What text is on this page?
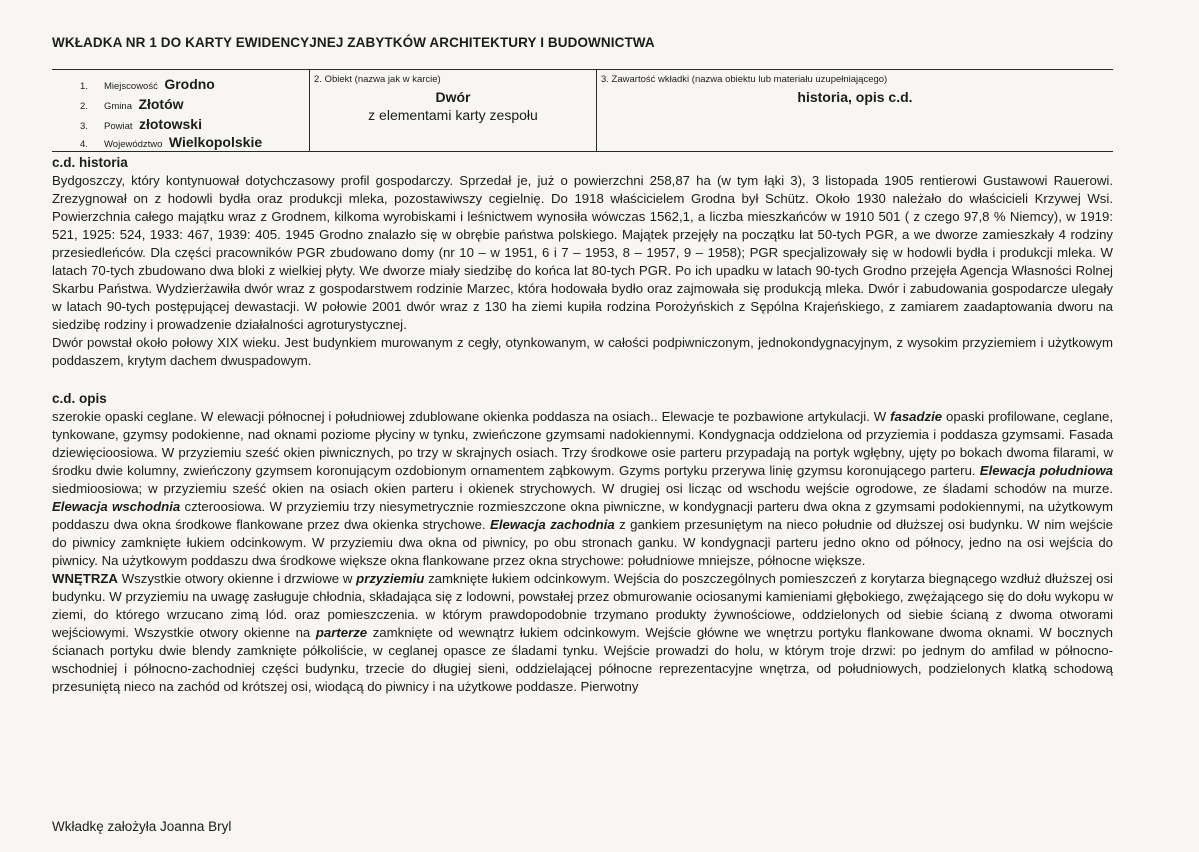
WKŁADKA NR 1 DO KARTY EWIDENCYJNEJ ZABYTKÓW ARCHITEKTURY I BUDOWNICTWA
1. Miejscowość Grodno
2. Gmina Złotów
3. Powiat złotowski
4. Województwo Wielkopolskie
2. Obiekt (nazwa jak w karcie)
Dwór
z elementami karty zespołu
3. Zawartość wkładki (nazwa obiektu lub materiału uzupełniającego)
historia, opis c.d.
c.d. historia

Bydgoszczy, który kontynuował dotychczasowy profil gospodarczy. Sprzedał je, już o powierzchni 258,87 ha (w tym łąki 3), 3 listopada 1905 rentierowi Gustawowi Rauerowi. Zrezygnował on z hodowli bydła oraz produkcji mleka, pozostawiwszy cegielnię. Do 1918 właścicielem Grodna był Schütz. Około 1930 należało do właścicieli Krzywej Wsi. Powierzchnia całego majątku wraz z Grodnem, kilkoma wyrobiskami i leśnictwem wynosiła wówczas 1562,1, a liczba mieszkańców w 1910 501 ( z czego 97,8 % Niemcy), w 1919: 521, 1925: 524, 1933: 467, 1939: 405. 1945 Grodno znalazło się w obrębie państwa polskiego. Majątek przejęły na początku lat 50-tych PGR, a we dworze zamieszkały 4 rodziny przesiedleńców. Dla części pracowników PGR zbudowano domy (nr 10 – w 1951, 6 i 7 – 1953, 8 – 1957, 9 – 1958); PGR specjalizowały się w hodowli bydła i produkcji mleka. W latach 70-tych zbudowano dwa bloki z wielkiej płyty. We dworze miały siedzibę do końca lat 80-tych PGR. Po ich upadku w latach 90-tych Grodno przejęła Agencja Własności Rolnej Skarbu Państwa. Wydzierżawiła dwór wraz z gospodarstwem rodzinie Marzec, która hodowała bydło oraz zajmowała się produkcją mleka. Dwór i zabudowania gospodarcze ulegały w latach 90-tych postępującej dewastacji. W połowie 2001 dwór wraz z 130 ha ziemi kupiła rodzina Porożyńskich z Sępólna Krajeńskiego, z zamiarem zaadaptowania dworu na siedzibę rodziny i prowadzenie działalności agroturystycznej.

Dwór powstał około połowy XIX wieku. Jest budynkiem murowanym z cegły, otynkowanym, w całości podpiwniczonym, jednokondygnacyjnym, z wysokim przyziemiem i użytkowym poddaszem, krytym dachem dwuspadowym.

c.d. opis

szerokie opaski ceglane. W elewacji północnej i południowej zdublowane okienka poddasza na osiach.. Elewacje te pozbawione artykulacji. W fasadzie opaski profilowane, ceglane, tynkowane, gzymsy podokienne, nad oknami poziome płyciny w tynku, zwieńczone gzymsami nadokiennymi. Kondygnacja oddzielona od przyziemia i poddasza gzymsami. Fasada dziewięcioosiowa. W przyziemiu sześć okien piwnicznych, po trzy w skrajnych osiach. Trzy środkowe osie parteru przypadają na portyk wgłębny, ujęty po bokach dwoma filarami, w środku dwie kolumny, zwieńczony gzymsem koronującym ozdobionym ornamentem ząbkowym. Gzyms portyku przerywa linię gzymsu koronującego parteru. Elewacja południowa siedmioosiowa; w przyziemiu sześć okien na osiach okien parteru i okienek strychowych. W drugiej osi licząc od wschodu wejście ogrodowe, ze śladami schodów na murze. Elewacja wschodnia czteroosiowa. W przyziemiu trzy niesymetrycznie rozmieszczone okna piwniczne, w kondygnacji parteru dwa okna z gzymsami podokiennymi, na użytkowym poddaszu dwa okna środkowe flankowane przez dwa okienka strychowe. Elewacja zachodnia z gankiem przesuniętym na nieco południe od dłuższej osi budynku. W nim wejście do piwnicy zamknięte łukiem odcinkowym. W przyziemiu dwa okna od piwnicy, po obu stronach ganku. W kondygnacji parteru jedno okno od północy, jedno na osi wejścia do piwnicy. Na użytkowym poddaszu dwa środkowe większe okna flankowane przez okna strychowe: południowe mniejsze, północne większe.

WNĘTRZA Wszystkie otwory okienne i drzwiowe w przyziemiu zamknięte łukiem odcinkowym. Wejścia do poszczególnych pomieszczeń z korytarza biegnącego wzdłuż dłuższej osi budynku. W przyziemiu na uwagę zasługuje chłodnia, składająca się z lodowni, powstałej przez obmurowanie ociosanymi kamieniami głębokiego, zwężającego się do dołu wykopu w ziemi, do którego wrzucano zimą lód. oraz pomieszczenia. w którym prawdopodobnie trzymano produkty żywnościowe, oddzielonych od siebie ścianą z dwoma otworami wejściowymi. Wszystkie otwory okienne na parterze zamknięte od wewnątrz łukiem odcinkowym. Wejście główne we wnętrzu portyku flankowane dwoma oknami. W bocznych ścianach portyku dwie blendy zamknięte półkoliście, w ceglanej opasce ze śladami tynku. Wejście prowadzi do holu, w którym troje drzwi: po jednym do amfilad w północno-wschodniej i północno-zachodniej części budynku, trzecie do długiej sieni, oddzielającej północne reprezentacyjne wnętrza, od południowych, podzielonych klatką schodową przesuniętą nieco na zachód od krótszej osi, wiodącą do piwnicy i na użytkowe poddasze. Pierwotny

Wkładkę założyła Joanna Bryl
